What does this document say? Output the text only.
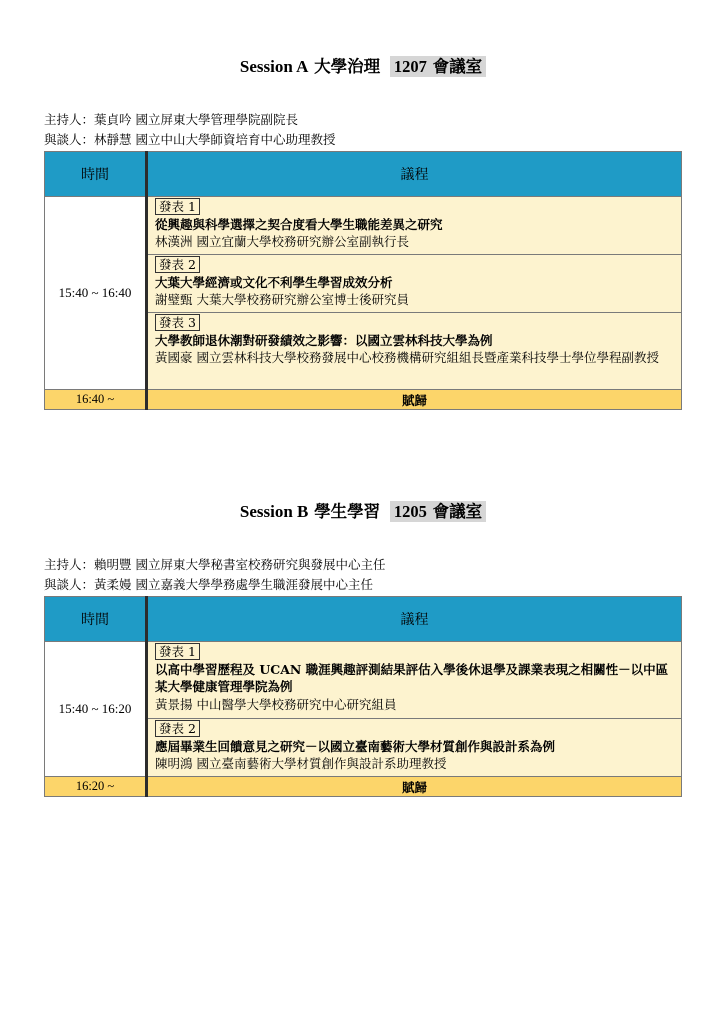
Session A 大學治理 1207 會議室
主持人：葉貞吟 國立屏東大學管理學院副院長
與談人：林靜慧 國立中山大學師資培育中心助理教授
時間	議程
15:40 ~ 16:40	發表 1
從興趣與科學選擇之契合度看大學生職能差異之研究
林漢洲 國立宜蘭大學校務研究辦公室副執行長

	發表 2
大葉大學經濟或文化不利學生學習成效分析
謝璧甄 大葉大學校務研究辦公室博士後研究員

	發表 3
大學教師退休潮對研發績效之影響：以國立雲林科技大學為例
黃國豪 國立雲林科技大學校務發展中心校務機構研究組組長暨產業科技學士學位學程副教授

16:40 ~	賦歸
Session B 學生學習 1205 會議室
主持人：賴明豐 國立屏東大學秘書室校務研究與發展中心主任
與談人：黃柔嫚 國立嘉義大學學務處學生職涯發展中心主任
時間	議程
15:40 ~ 16:20	發表 1
以高中學習歷程及 UCAN 職涯興趣評測結果評估入學後休退學及課業表現之相關性－以中區某大學健康管理學院為例
黃景揚 中山醫學大學校務研究中心研究組員

	發表 2
應屆畢業生回饋意見之研究－以國立臺南藝術大學材質創作與設計系為例
陳明鴻 國立臺南藝術大學材質創作與設計系助理教授

16:20 ~	賦歸
